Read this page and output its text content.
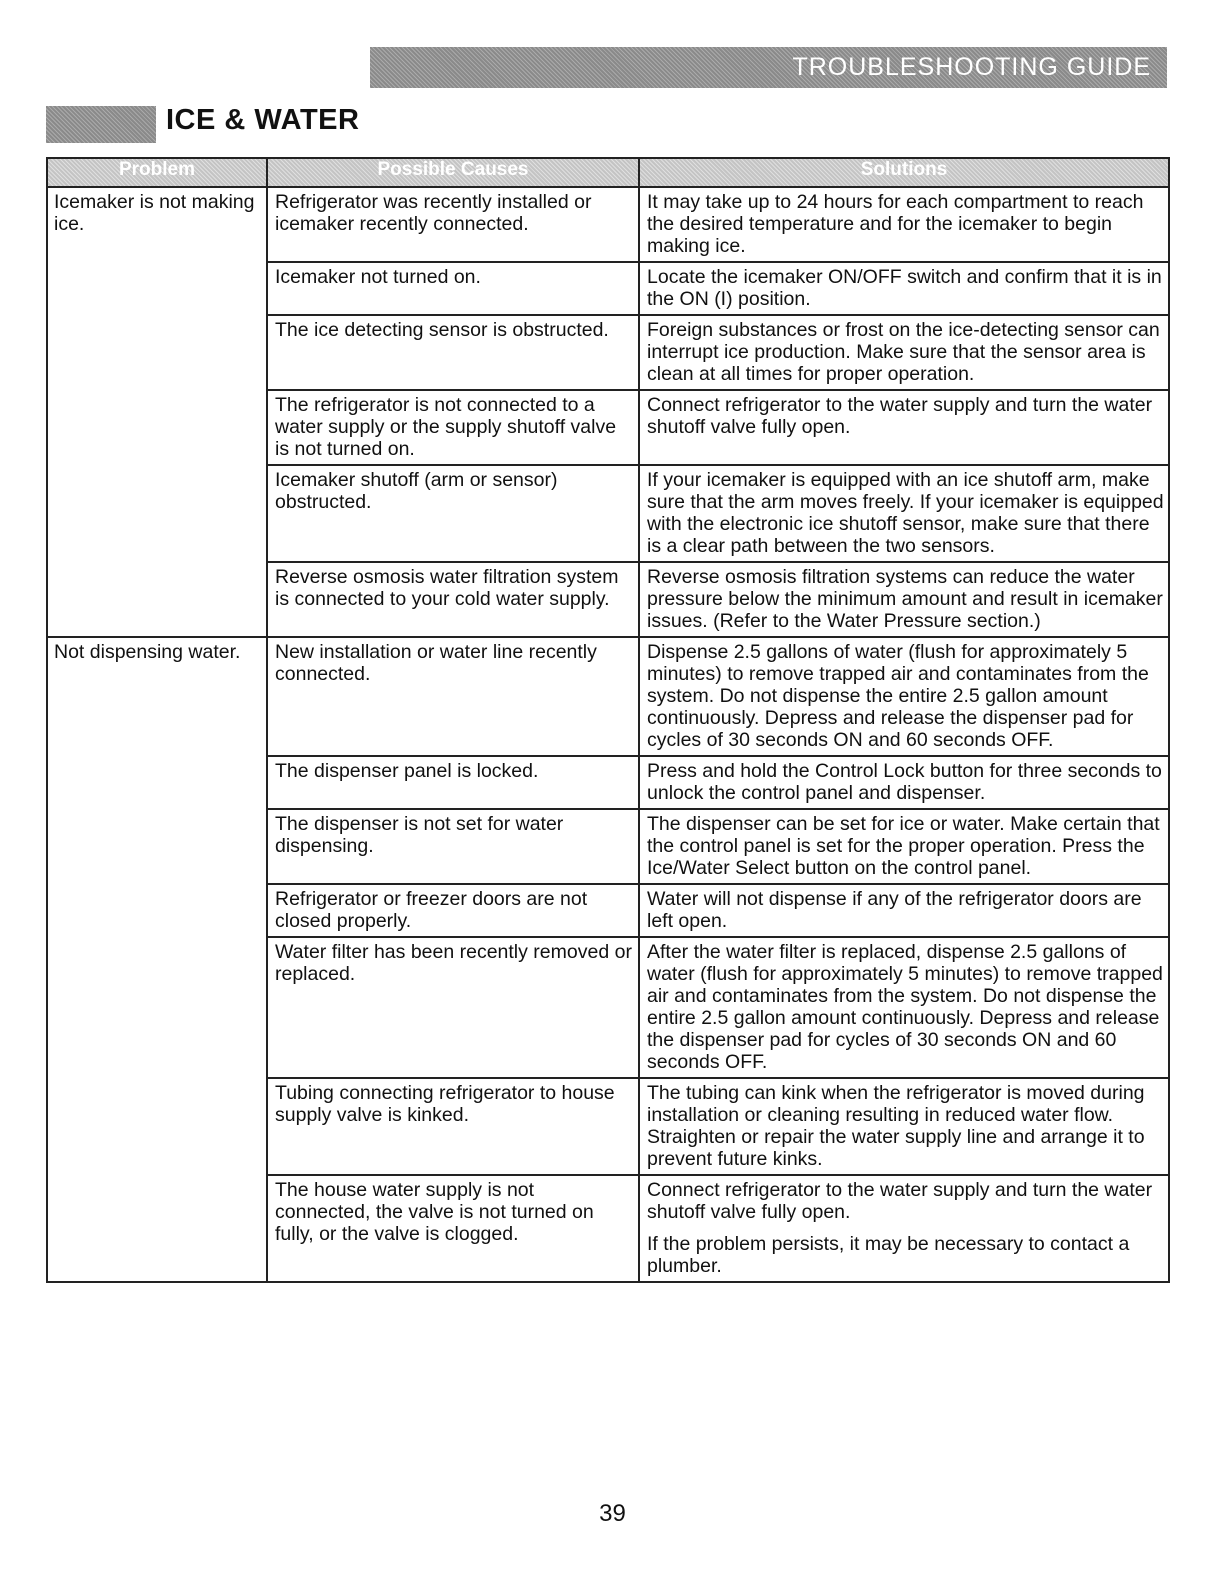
TROUBLESHOOTING GUIDE
ICE & WATER
Problem	Possible Causes	Solutions
Icemaker is not making ice.	Refrigerator was recently installed or icemaker recently connected.	It may take up to 24 hours for each compartment to reach the desired temperature and for the icemaker to begin making ice.

	Icemaker not turned on.	Locate the icemaker ON/OFF switch and confirm that it is in the ON (I) position.

	The ice detecting sensor is obstructed.	Foreign substances or frost on the ice-detecting sensor can interrupt ice production. Make sure that the sensor area is clean at all times for proper operation.

	The refrigerator is not connected to a water supply or the supply shutoff valve is not turned on.	Connect refrigerator to the water supply and turn the water shutoff valve fully open.

	Icemaker shutoff (arm or sensor) obstructed.	If your icemaker is equipped with an ice shutoff arm, make sure that the arm moves freely. If your icemaker is equipped with the electronic ice shutoff sensor, make sure that there is a clear path between the two sensors.

	Reverse osmosis water filtration system is connected to your cold water supply.	Reverse osmosis filtration systems can reduce the water pressure below the minimum amount and result in icemaker issues. (Refer to the Water Pressure section.)

Not dispensing water.	New installation or water line recently connected.	Dispense 2.5 gallons of water (flush for approximately 5 minutes) to remove trapped air and contaminates from the system. Do not dispense the entire 2.5 gallon amount continuously. Depress and release the dispenser pad for cycles of 30 seconds ON and 60 seconds OFF.

	The dispenser panel is locked.	Press and hold the Control Lock button for three seconds to unlock the control panel and dispenser.

	The dispenser is not set for water dispensing.	The dispenser can be set for ice or water. Make certain that the control panel is set for the proper operation. Press the Ice/Water Select button on the control panel.

	Refrigerator or freezer doors are not closed properly.	Water will not dispense if any of the refrigerator doors are left open.

	Water filter has been recently removed or replaced.	After the water filter is replaced, dispense 2.5 gallons of water (flush for approximately 5 minutes) to remove trapped air and contaminates from the system. Do not dispense the entire 2.5 gallon amount continuously. Depress and release the dispenser pad for cycles of 30 seconds ON and 60 seconds OFF.

	Tubing connecting refrigerator to house supply valve is kinked.	The tubing can kink when the refrigerator is moved during installation or cleaning resulting in reduced water flow. Straighten or repair the water supply line and arrange it to prevent future kinks.

	The house water supply is not connected, the valve is not turned on fully, or the valve is clogged.	Connect refrigerator to the water supply and turn the water shutoff valve fully open.
If the problem persists, it may be necessary to contact a plumber.
39
